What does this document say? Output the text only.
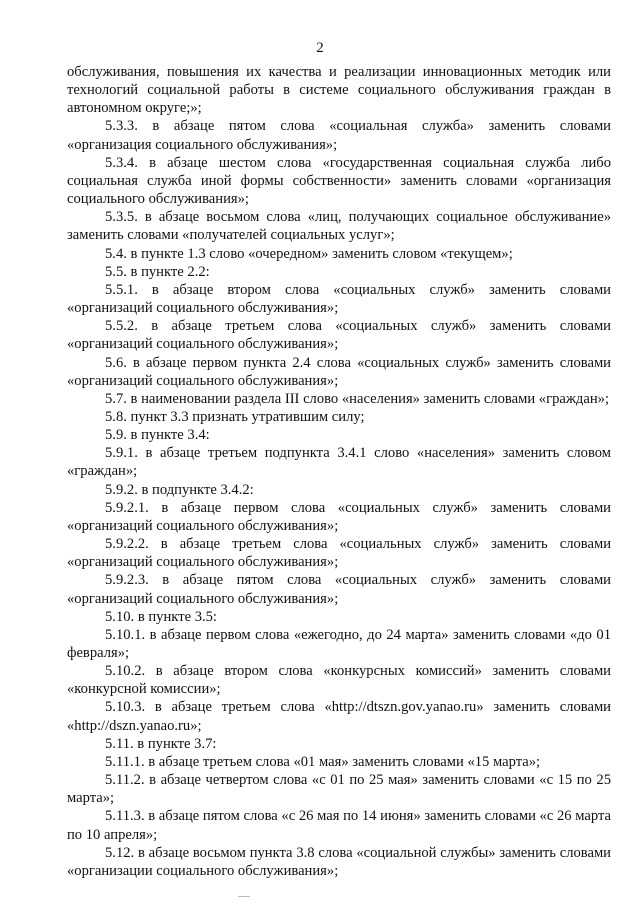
2

обслуживания, повышения их качества и реализации инновационных методик или технологий социальной работы в системе социального обслуживания граждан в автономном округе;»;

5.3.3. в абзаце пятом слова «социальная служба» заменить словами «организация социального обслуживания»;

5.3.4. в абзаце шестом слова «государственная социальная служба либо социальная служба иной формы собственности» заменить словами «организация социального обслуживания»;

5.3.5. в абзаце восьмом слова «лиц, получающих социальное обслуживание» заменить словами «получателей социальных услуг»;

5.4. в пункте 1.3 слово «очередном» заменить словом «текущем»;

5.5. в пункте 2.2:

5.5.1. в абзаце втором слова «социальных служб» заменить словами «организаций социального обслуживания»;

5.5.2. в абзаце третьем слова «социальных служб» заменить словами «организаций социального обслуживания»;

5.6. в абзаце первом пункта 2.4 слова «социальных служб» заменить словами «организаций социального обслуживания»;

5.7. в наименовании раздела III слово «населения» заменить словами «граждан»;

5.8. пункт 3.3 признать утратившим силу;

5.9. в пункте 3.4:

5.9.1. в абзаце третьем подпункта 3.4.1 слово «населения» заменить словом «граждан»;

5.9.2. в подпункте 3.4.2:

5.9.2.1. в абзаце первом слова «социальных служб» заменить словами «организаций социального обслуживания»;

5.9.2.2. в абзаце третьем слова «социальных служб» заменить словами «организаций социального обслуживания»;

5.9.2.3. в абзаце пятом слова «социальных служб» заменить словами «организаций социального обслуживания»;

5.10. в пункте 3.5:

5.10.1. в абзаце первом слова «ежегодно, до 24 марта» заменить словами «до 01 февраля»;

5.10.2. в абзаце втором слова «конкурсных комиссий» заменить словами «конкурсной комиссии»;

5.10.3. в абзаце третьем слова «http://dtszn.gov.yanao.ru» заменить словами «http://dszn.yanao.ru»;

5.11. в пункте 3.7:

5.11.1. в абзаце третьем слова «01 мая» заменить словами «15 марта»;

5.11.2. в абзаце четвертом слова «с 01 по 25 мая» заменить словами «с 15 по 25 марта»;

5.11.3. в абзаце пятом слова «с 26 мая по 14 июня» заменить словами «с 26 марта по 10 апреля»;

5.12. в абзаце восьмом пункта 3.8 слова «социальной службы» заменить словами «организации социального обслуживания»;
